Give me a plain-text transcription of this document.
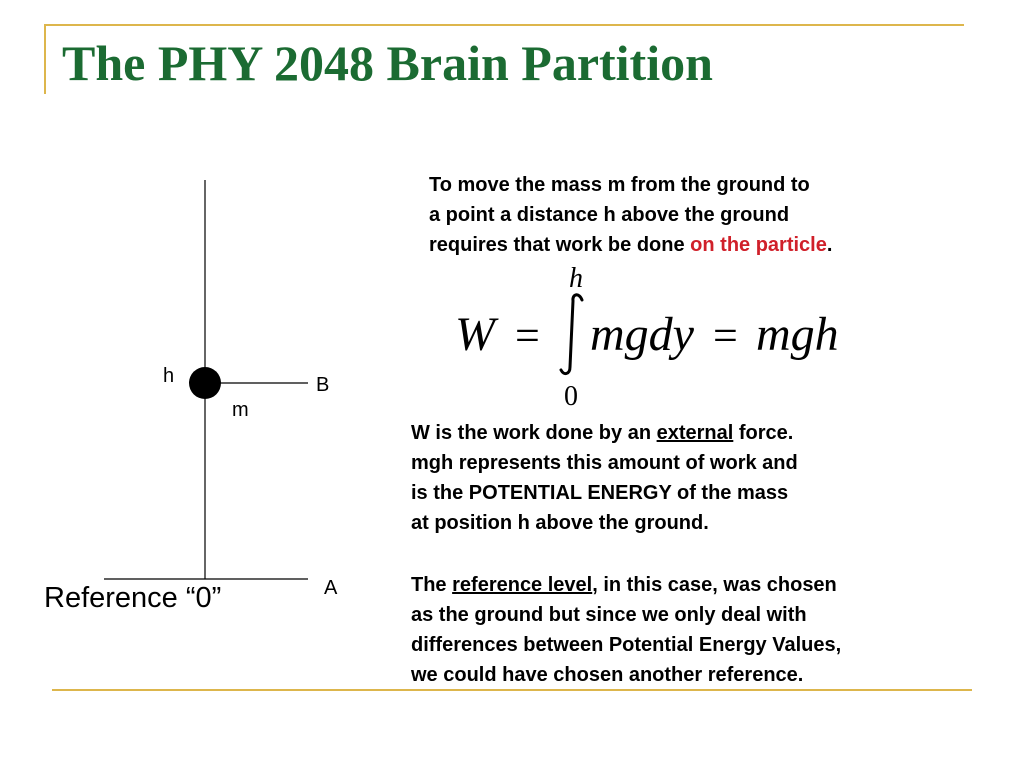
The PHY 2048 Brain Partition
h
m
B
A
Reference “0”

To move the mass m from the ground to

a point a distance h above the ground

requires that work be done on the particle.

h
W mgdy mgh
=	=
0

W is the work done by an external force.

mgh represents this amount of work and

is the POTENTIAL ENERGY of the mass

at position h above the ground.

The reference level, in this case, was chosen

as the ground but since we only deal with

differences between Potential Energy Values,

we could have chosen another reference.
